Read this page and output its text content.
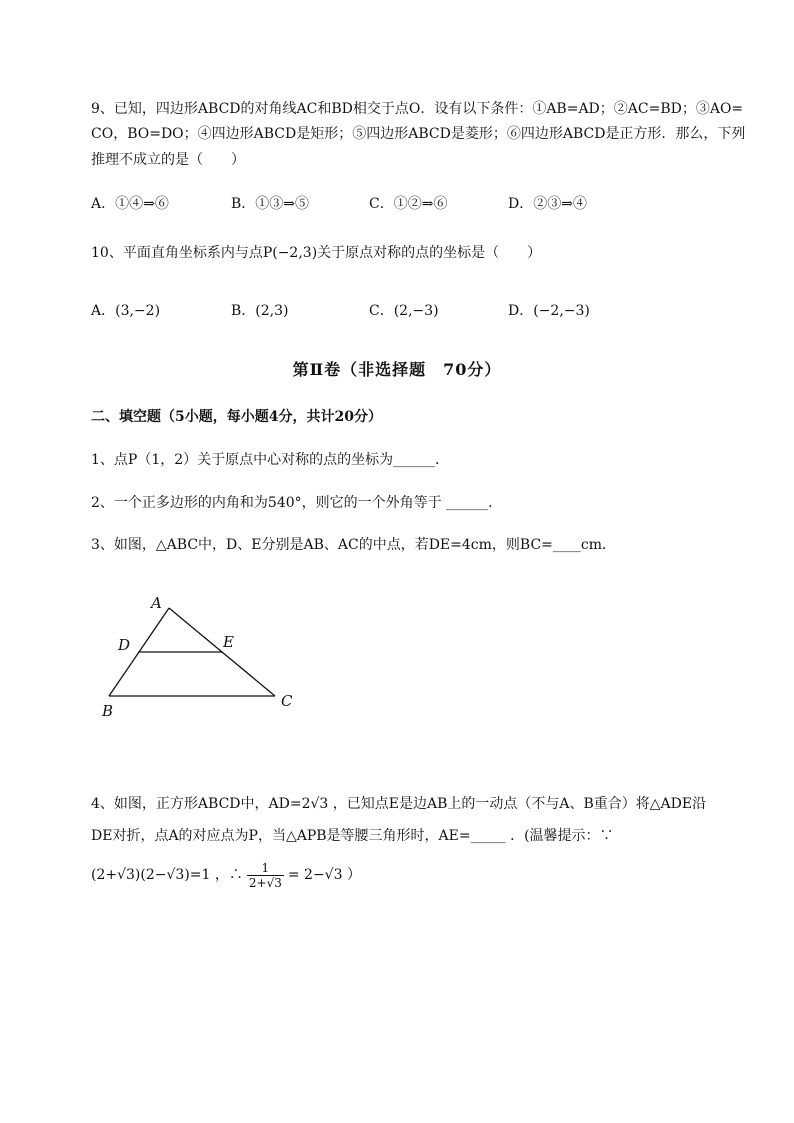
9、已知，四边形ABCD的对角线AC和BD相交于点O．设有以下条件：①AB=AD；②AC=BD；③AO=
CO，BO=DO；④四边形ABCD是矩形；⑤四边形ABCD是菱形；⑥四边形ABCD是正方形．那么，下列
推理不成立的是（　　）
A．①④⇒⑥	B．①③⇒⑤	C．①②⇒⑥	D．②③⇒④
10、平面直角坐标系内与点P(−2,3)关于原点对称的点的坐标是（　　）
A．(3,−2)	B．(2,3)	C．(2,−3)	D．(−2,−3)
第Ⅱ卷（非选择题　70分）
二、填空题（5小题，每小题4分，共计20分）
1、点P（1，2）关于原点中心对称的点的坐标为______．
2、一个正多边形的内角和为540°，则它的一个外角等于 ______．
3、如图，△ABC中，D、E分别是AB、AC的中点，若DE=4cm，则BC=____cm．
A
B
C
D	E
4、如图，正方形ABCD中，AD=2√3 ，已知点E是边AB上的一动点（不与A、B重合）将△ADE沿
DE对折，点A的对应点为P，当△APB是等腰三角形时，AE=_____ ．(温馨提示：∵
(2+√3)(2−√3)=1 ，∴ $\frac{1}{2+√3} = 2-√3$ ）
